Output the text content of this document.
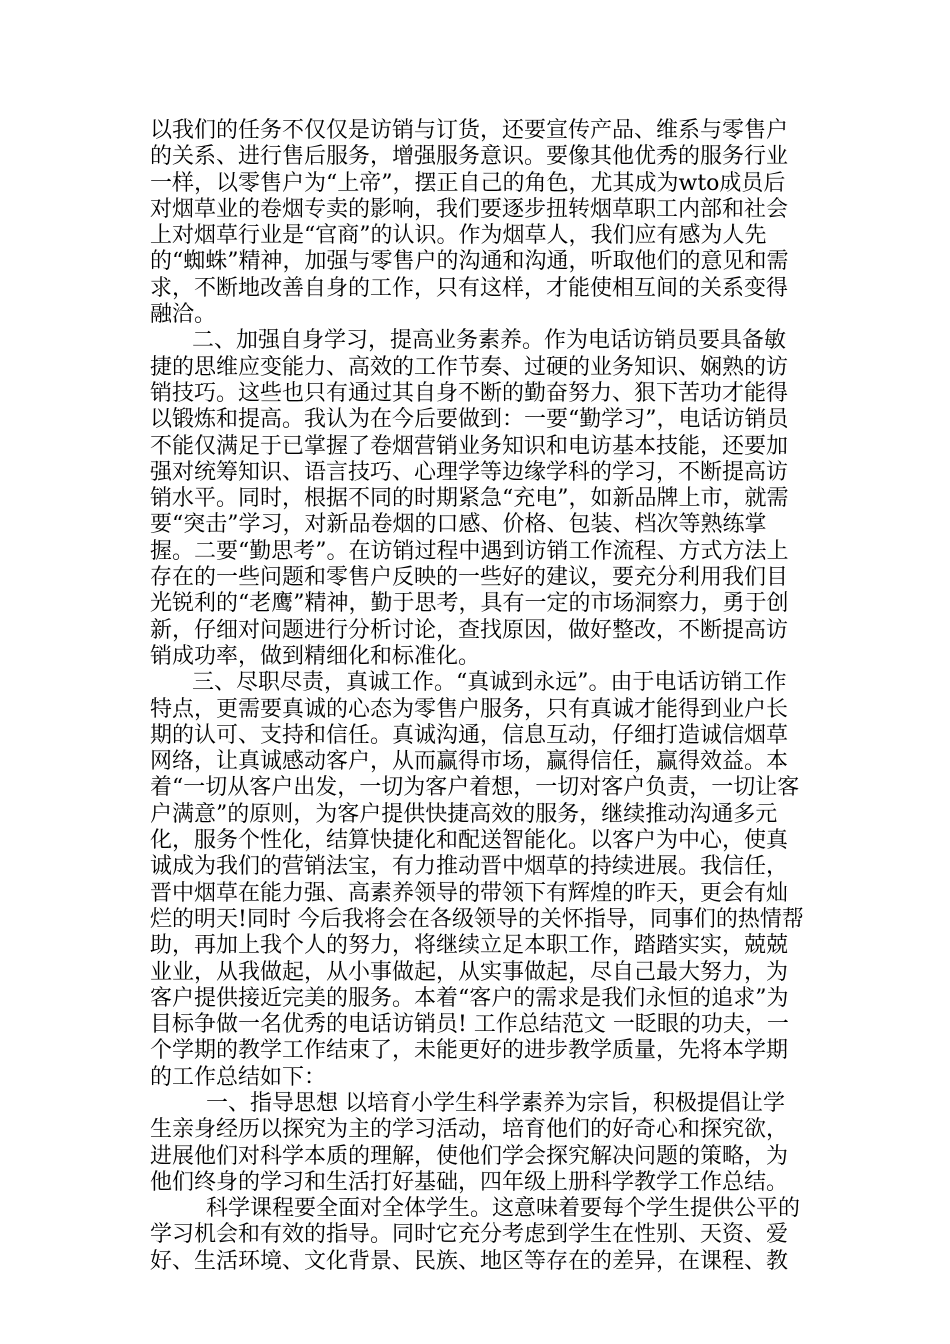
以我们的任务不仅仅是访销与订货，还要宣传产品、维系与零售户的关系、进行售后服务，增强服务意识。要像其他优秀的服务行业一样，以零售户为“上帝”，摆正自己的角色，尤其成为wto成员后对烟草业的卷烟专卖的影响，我们要逐步扭转烟草职工内部和社会上对烟草行业是“官商”的认识。作为烟草人，我们应有感为人先的“蜘蛛”精神，加强与零售户的沟通和沟通，听取他们的意见和需求，不断地改善自身的工作，只有这样，才能使相互间的关系变得融洽。

二、加强自身学习，提高业务素养。作为电话访销员要具备敏捷的思维应变能力、高效的工作节奏、过硬的业务知识、娴熟的访销技巧。这些也只有通过其自身不断的勤奋努力、狠下苦功才能得以锻炼和提高。我认为在今后要做到：一要“勤学习”，电话访销员不能仅满足于已掌握了卷烟营销业务知识和电访基本技能，还要加强对统筹知识、语言技巧、心理学等边缘学科的学习，不断提高访销水平。同时，根据不同的时期紧急“充电”，如新品牌上市，就需要“突击”学习，对新品卷烟的口感、价格、包装、档次等熟练掌握。二要“勤思考”。在访销过程中遇到访销工作流程、方式方法上存在的一些问题和零售户反映的一些好的建议，要充分利用我们目光锐利的“老鹰”精神，勤于思考，具有一定的市场洞察力，勇于创新，仔细对问题进行分析讨论，查找原因，做好整改，不断提高访销成功率，做到精细化和标准化。

三、尽职尽责，真诚工作。“真诚到永远”。由于电话访销工作特点，更需要真诚的心态为零售户服务，只有真诚才能得到业户长期的认可、支持和信任。真诚沟通，信息互动，仔细打造诚信烟草网络，让真诚感动客户，从而赢得市场，赢得信任，赢得效益。本着“一切从客户出发，一切为客户着想，一切对客户负责，一切让客户满意”的原则，为客户提供快捷高效的服务，继续推动沟通多元化，服务个性化，结算快捷化和配送智能化。以客户为中心，使真诚成为我们的营销法宝，有力推动晋中烟草的持续进展。我信任，晋中烟草在能力强、高素养领导的带领下有辉煌的昨天，更会有灿烂的明天!同时 今后我将会在各级领导的关怀指导，同事们的热情帮助，再加上我个人的努力，将继续立足本职工作，踏踏实实，兢兢业业，从我做起，从小事做起，从实事做起，尽自己最大努力，为客户提供接近完美的服务。本着“客户的需求是我们永恒的追求”为目标争做一名优秀的电话访销员! 工作总结范文 一眨眼的功夫，一个学期的教学工作结束了，未能更好的进步教学质量，先将本学期的工作总结如下：

一、指导思想 以培育小学生科学素养为宗旨，积极提倡让学生亲身经历以探究为主的学习活动，培育他们的好奇心和探究欲，进展他们对科学本质的理解，使他们学会探究解决问题的策略，为他们终身的学习和生活打好基础，四年级上册科学教学工作总结。

科学课程要全面对全体学生。这意味着要每个学生提供公平的学习机会和有效的指导。同时它充分考虑到学生在性别、天资、爱好、生活环境、文化背景、民族、地区等存在的差异，在课程、教
